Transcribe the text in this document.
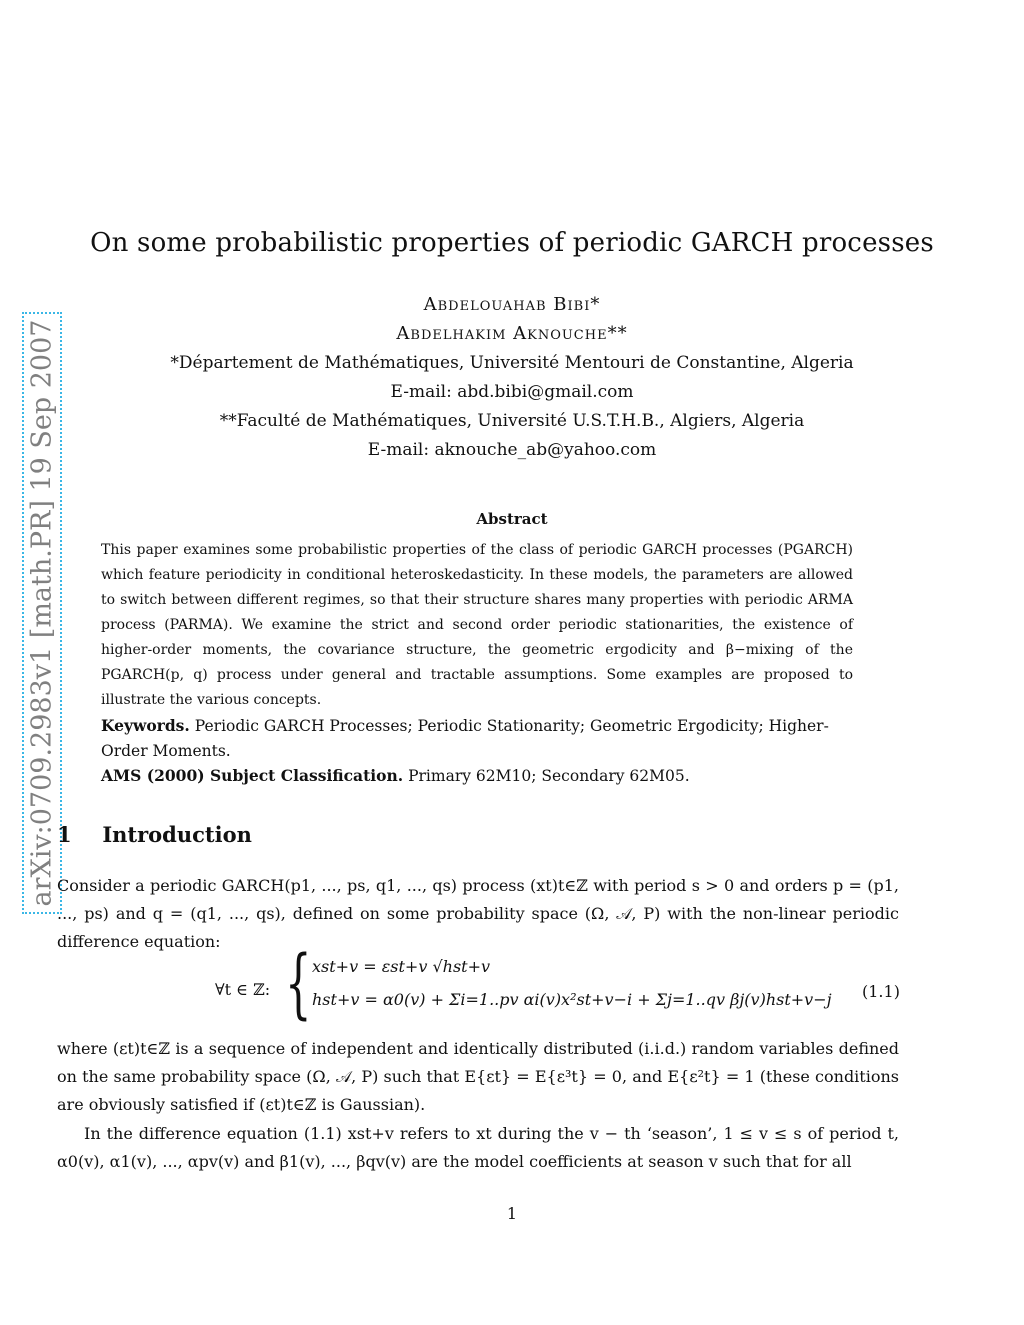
arXiv:0709.2983v1 [math.PR] 19 Sep 2007
On some probabilistic properties of periodic GARCH processes
Abdelouahab Bibi*
Abdelhakim Aknouche**
*Département de Mathématiques, Université Mentouri de Constantine, Algeria
E-mail: abd.bibi@gmail.com
**Faculté de Mathématiques, Université U.S.T.H.B., Algiers, Algeria
E-mail: aknouche_ab@yahoo.com
Abstract
This paper examines some probabilistic properties of the class of periodic GARCH processes (PGARCH) which feature periodicity in conditional heteroskedasticity. In these models, the parameters are allowed to switch between different regimes, so that their structure shares many properties with periodic ARMA process (PARMA). We examine the strict and second order periodic stationarities, the existence of higher-order moments, the covariance structure, the geometric ergodicity and β−mixing of the PGARCH(p, q) process under general and tractable assumptions. Some examples are proposed to illustrate the various concepts.
Keywords. Periodic GARCH Processes; Periodic Stationarity; Geometric Ergodicity; Higher-Order Moments.
AMS (2000) Subject Classification. Primary 62M10; Secondary 62M05.
1 Introduction
Consider a periodic GARCH(p1, ..., ps, q1, ..., qs) process (xt)t∈ℤ with period s > 0 and orders p = (p1, ..., ps) and q = (q1, ..., qs), defined on some probability space (Ω, 𝒜, P) with the non-linear periodic difference equation:
∀t ∈ ℤ: { xst+v = εst+v √hst+v
hst+v = α0(v) + Σi=1..pv αi(v)x²st+v−i + Σj=1..qv βj(v)hst+v−j (1.1)
where (εt)t∈ℤ is a sequence of independent and identically distributed (i.i.d.) random variables defined on the same probability space (Ω, 𝒜, P) such that E{εt} = E{ε³t} = 0, and E{ε²t} = 1 (these conditions are obviously satisfied if (εt)t∈ℤ is Gaussian).
In the difference equation (1.1) xst+v refers to xt during the v − th ‘season’, 1 ≤ v ≤ s of period t, α0(v), α1(v), ..., αpv(v) and β1(v), ..., βqv(v) are the model coefficients at season v such that for all
1
